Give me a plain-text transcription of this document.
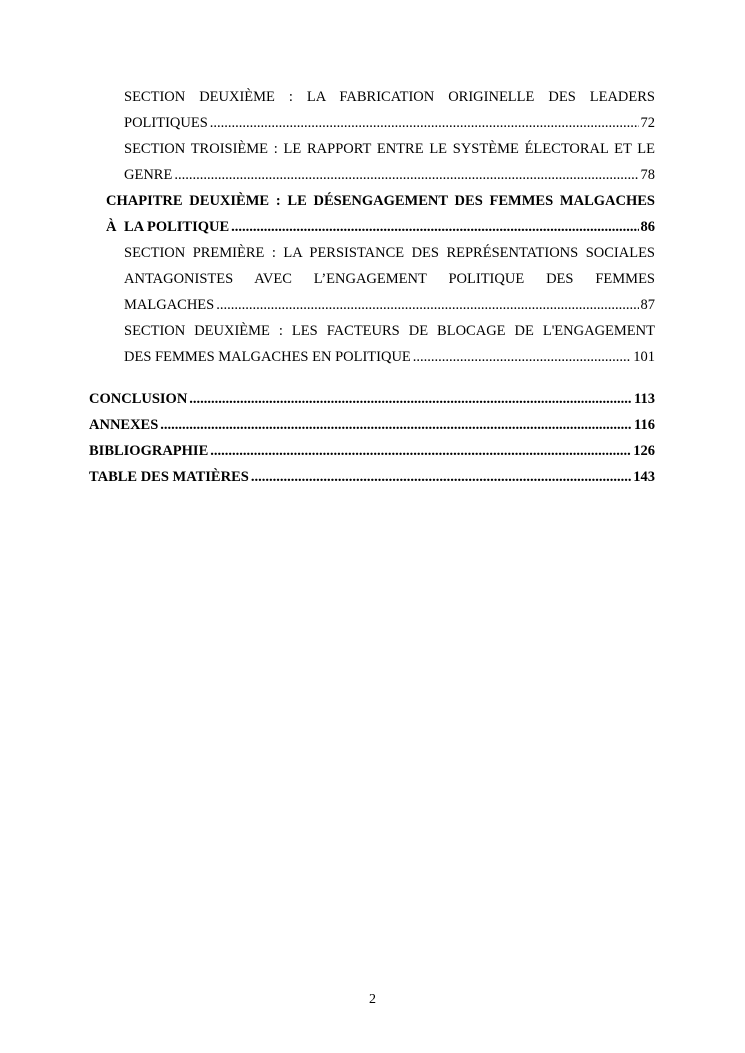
SECTION DEUXIÈME : LA FABRICATION ORIGINELLE DES LEADERS
POLITIQUES .....	72
SECTION TROISIÈME : LE RAPPORT ENTRE LE SYSTÈME ÉLECTORAL ET LE
GENRE .....	78
CHAPITRE DEUXIÈME : LE DÉSENGAGEMENT DES FEMMES MALGACHES
À LA POLITIQUE .....	86
SECTION PREMIÈRE : LA PERSISTANCE DES REPRÉSENTATIONS SOCIALES
ANTAGONISTES AVEC L’ENGAGEMENT POLITIQUE DES FEMMES
MALGACHES .....	87
SECTION DEUXIÈME : LES FACTEURS DE BLOCAGE DE L'ENGAGEMENT
DES FEMMES MALGACHES EN POLITIQUE .....	101
CONCLUSION .....	113
ANNEXES .....	116
BIBLIOGRAPHIE .....	126
TABLE DES MATIÈRES .....	143
2
